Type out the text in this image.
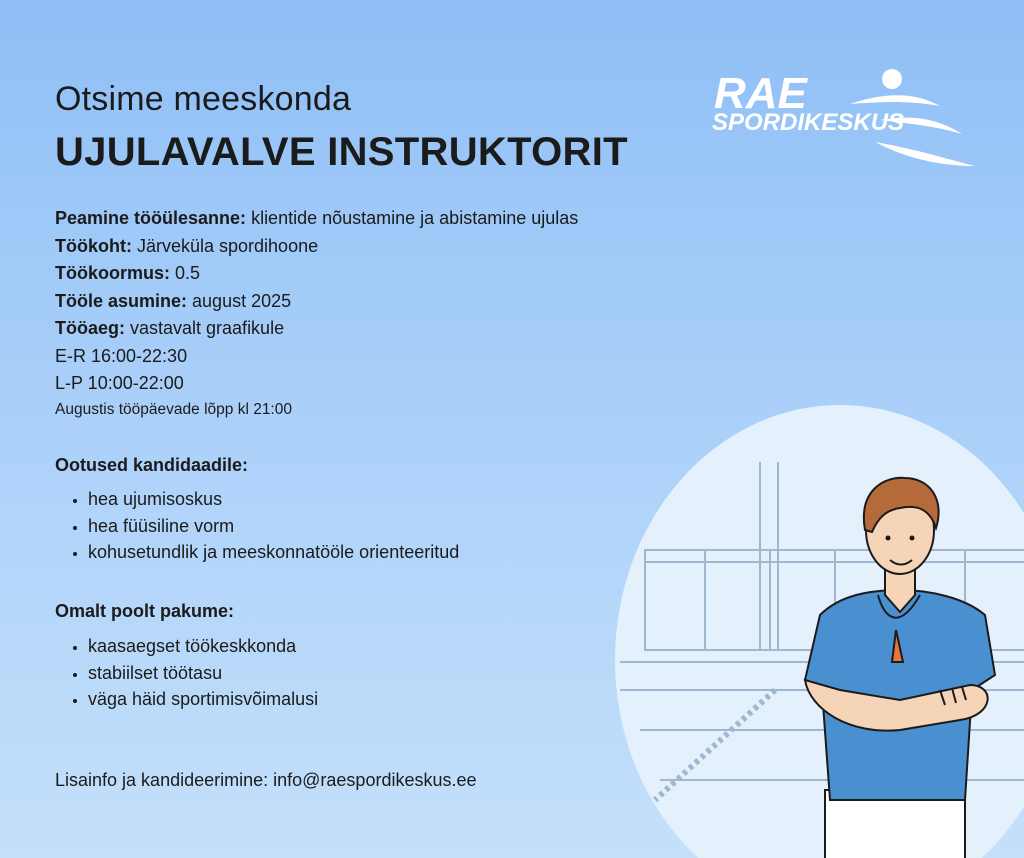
Otsime meeskonda
UJULAVALVE INSTRUKTORIT
RAE
SPORDIKESKUS
Peamine tööülesanne: klientide nõustamine ja abistamine ujulas
Töökoht: Järveküla spordihoone
Töökoormus: 0.5
Tööle asumine: august 2025
Tööaeg: vastavalt graafikule
E-R 16:00-22:30
L-P 10:00-22:00
Augustis tööpäevade lõpp kl 21:00
Ootused kandidaadile:
• hea ujumisoskus
• hea füüsiline vorm
• kohusetundlik ja meeskonnatööle orienteeritud
Omalt poolt pakume:
• kaasaegset töökeskkonda
• stabiilset töötasu
• väga häid sportimisvõimalusi
Lisainfo ja kandideerimine: info@raespordikeskus.ee
